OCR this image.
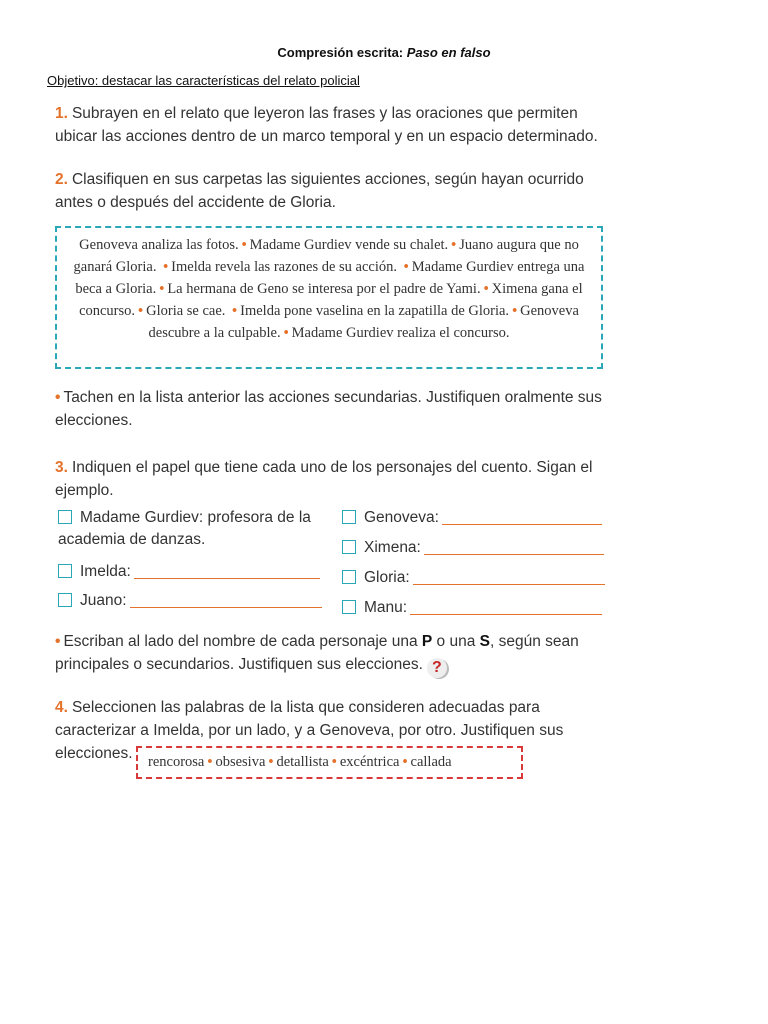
Compresión escrita: Paso en falso
Objetivo: destacar las características del relato policial
1. Subrayen en el relato que leyeron las frases y las oraciones que permiten ubicar las acciones dentro de un marco temporal y en un espacio determinado.
2. Clasifiquen en sus carpetas las siguientes acciones, según hayan ocurrido antes o después del accidente de Gloria.
Genoveva analiza las fotos. • Madame Gurdiev vende su chalet. • Juano augura que no ganará Gloria. • Imelda revela las razones de su acción. • Madame Gurdiev entrega una beca a Gloria. • La hermana de Geno se interesa por el padre de Yami. • Ximena gana el concurso. • Gloria se cae. • Imelda pone vaselina en la zapatilla de Gloria. • Genoveva descubre a la culpable. • Madame Gurdiev realiza el concurso.
• Tachen en la lista anterior las acciones secundarias. Justifiquen oralmente sus elecciones.
3. Indiquen el papel que tiene cada uno de los personajes del cuento. Sigan el ejemplo.
Madame Gurdiev: profesora de la
academia de danzas.
Imelda:
Juano:
Genoveva:
Ximena:
Gloria:
Manu:
• Escriban al lado del nombre de cada personaje una P o una S, según sean principales o secundarios. Justifiquen sus elecciones. ?
4. Seleccionen las palabras de la lista que consideren adecuadas para caracterizar a Imelda, por un lado, y a Genoveva, por otro. Justifiquen sus elecciones.	rencorosa • obsesiva • detallista • excéntrica • callada
